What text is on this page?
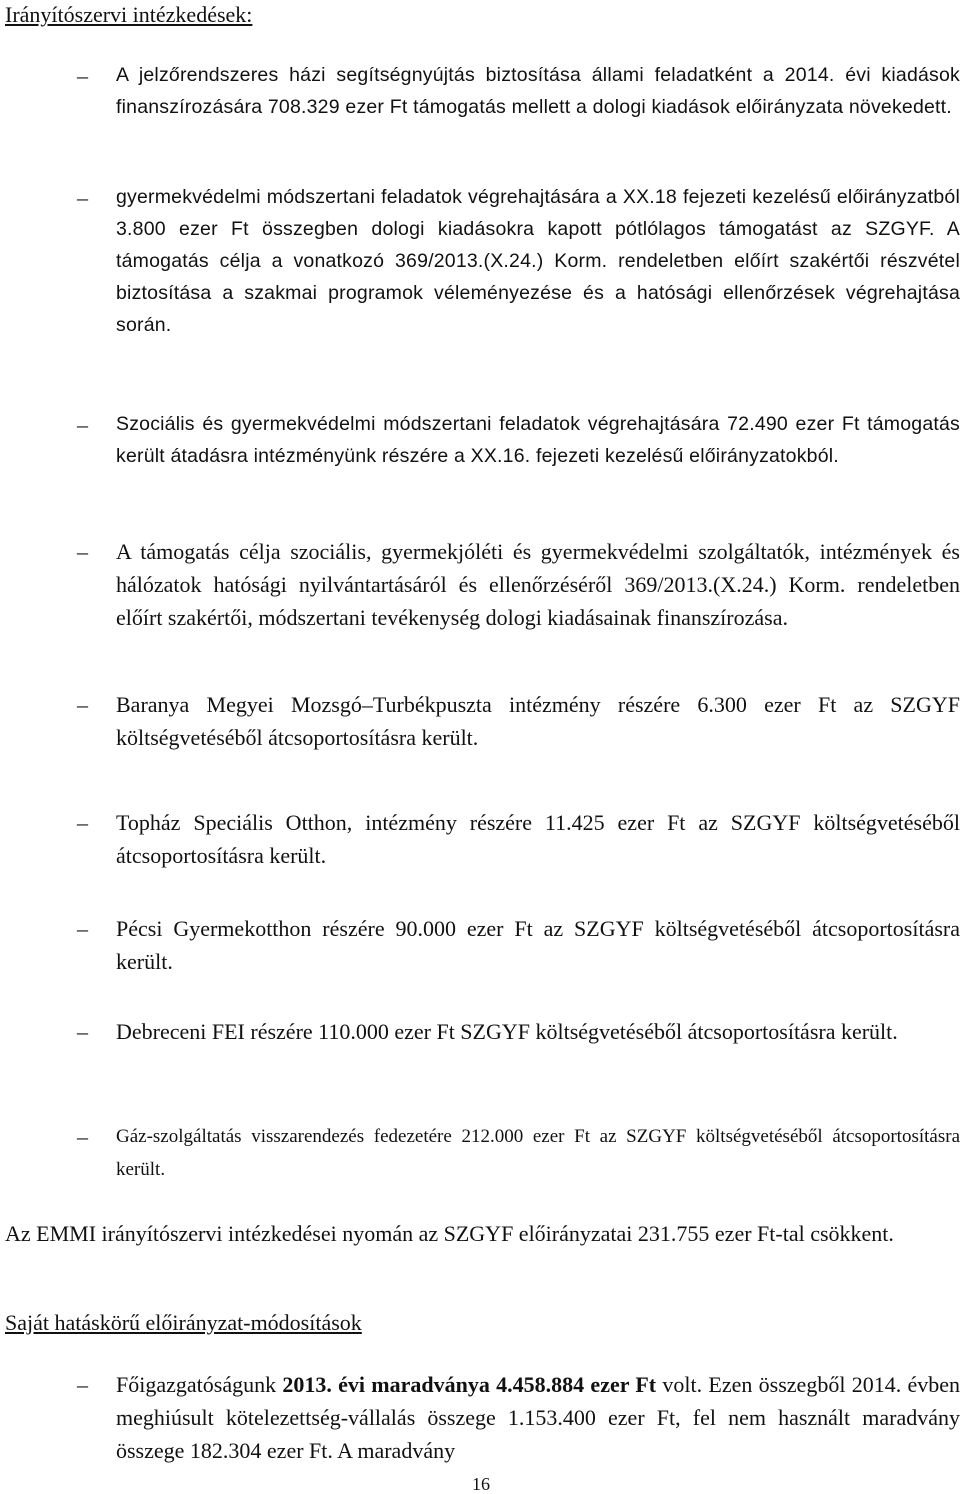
Irányítószervi intézkedések:
– A jelzőrendszeres házi segítségnyújtás biztosítása állami feladatként a 2014. évi kiadások finanszírozására 708.329 ezer Ft támogatás mellett a dologi kiadások előirányzata növekedett.

– gyermekvédelmi módszertani feladatok végrehajtására a XX.18 fejezeti kezelésű előirányzatból 3.800 ezer Ft összegben dologi kiadásokra kapott pótlólagos támogatást az SZGYF. A támogatás célja a vonatkozó 369/2013.(X.24.) Korm. rendeletben előírt szakértői részvétel biztosítása a szakmai programok véleményezése és a hatósági ellenőrzések végrehajtása során.

– Szociális és gyermekvédelmi módszertani feladatok végrehajtására 72.490 ezer Ft támogatás került átadásra intézményünk részére a XX.16. fejezeti kezelésű előirányzatokból.

– A támogatás célja szociális, gyermekjóléti és gyermekvédelmi szolgáltatók, intézmények és hálózatok hatósági nyilvántartásáról és ellenőrzéséről 369/2013.(X.24.) Korm. rendeletben előírt szakértői, módszertani tevékenység dologi kiadásainak finanszírozása.

– Baranya Megyei Mozsgó–Turbékpuszta intézmény részére 6.300 ezer Ft az SZGYF költségvetéséből átcsoportosításra került.

– Topház Speciális Otthon, intézmény részére 11.425 ezer Ft az SZGYF költségvetéséből átcsoportosításra került.

– Pécsi Gyermekotthon részére 90.000 ezer Ft az SZGYF költségvetéséből átcsoportosításra került.

– Debreceni FEI részére 110.000 ezer Ft SZGYF költségvetéséből átcsoportosításra került.

– Gáz-szolgáltatás visszarendezés fedezetére 212.000 ezer Ft az SZGYF költségvetéséből átcsoportosításra került.

Az EMMI irányítószervi intézkedései nyomán az SZGYF előirányzatai 231.755 ezer Ft-tal csökkent.

Saját hatáskörű előirányzat-módosítások
– Főigazgatóságunk 2013. évi maradványa 4.458.884 ezer Ft volt. Ezen összegből 2014. évben meghiúsult kötelezettség-vállalás összege 1.153.400 ezer Ft, fel nem használt maradvány összege 182.304 ezer Ft. A maradvány

16
